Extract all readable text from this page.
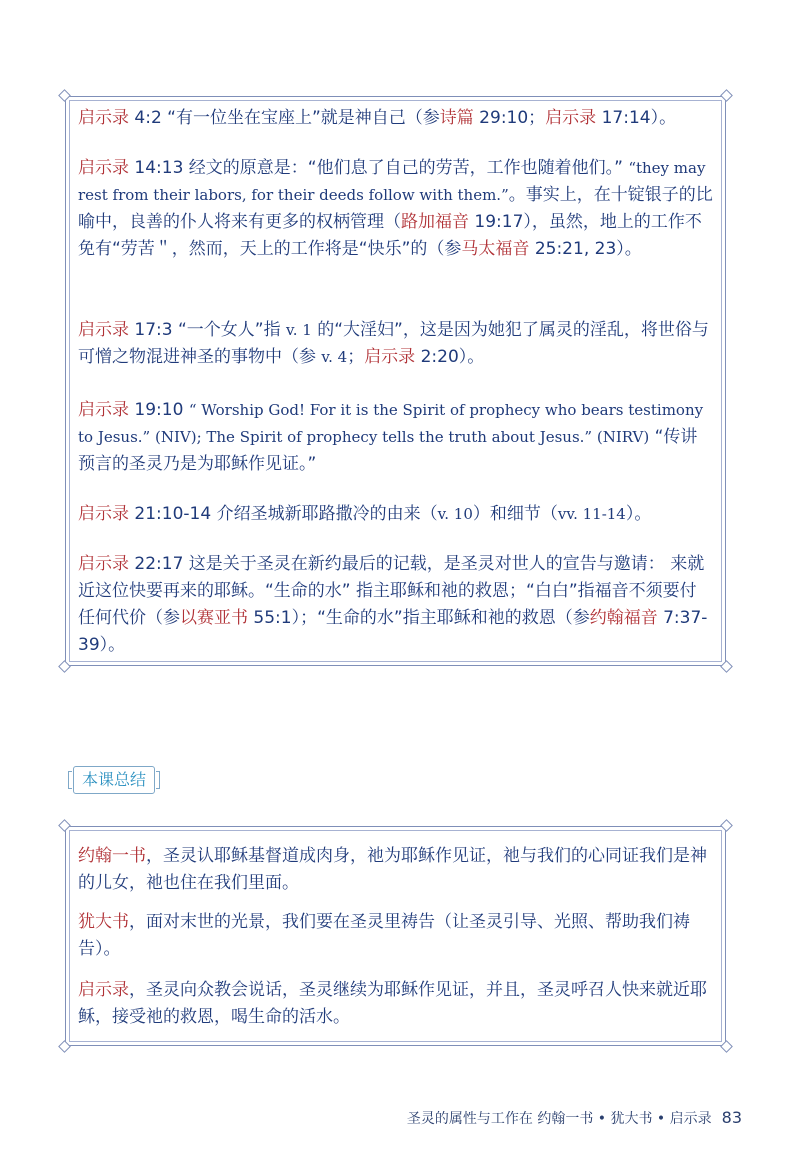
启示录 4:2 “有一位坐在宝座上”就是神自己（参诗篇 29:10；启示录 17:14）。

启示录 14:13 经文的原意是：“他们息了自己的劳苦，工作也随着他们。” “they may rest from their labors, for their deeds follow with them.”。事实上，在十锭银子的比喻中，良善的仆人将来有更多的权柄管理（路加福音 19:17），虽然，地上的工作不免有“劳苦＂，然而，天上的工作将是“快乐”的（参马太福音 25:21, 23）。

启示录 17:3 “一个女人”指 v. 1 的“大淫妇”，这是因为她犯了属灵的淫乱，将世俗与可憎之物混进神圣的事物中（参 v. 4；启示录 2:20）。

启示录 19:10 “ Worship God! For it is the Spirit of prophecy who bears testimony to Jesus.” (NIV); The Spirit of prophecy tells the truth about Jesus.” (NIRV) “传讲预言的圣灵乃是为耶稣作见证。”

启示录 21:10-14 介绍圣城新耶路撒冷的由来（v. 10）和细节（vv. 11-14）。

启示录 22:17 这是关于圣灵在新约最后的记载，是圣灵对世人的宣告与邀请： 来就近这位快要再来的耶稣。“生命的水” 指主耶稣和祂的救恩；“白白”指福音不须要付任何代价（参以赛亚书 55:1）；“生命的水”指主耶稣和祂的救恩（参约翰福音 7:37-39）。

本课总结

约翰一书，圣灵认耶稣基督道成肉身，祂为耶稣作见证，祂与我们的心同证我们是神的儿女，祂也住在我们里面。

犹大书，面对末世的光景，我们要在圣灵里祷告（让圣灵引导、光照、帮助我们祷告）。

启示录，圣灵向众教会说话，圣灵继续为耶稣作见证，并且，圣灵呼召人快来就近耶稣，接受祂的救恩，喝生命的活水。

圣灵的属性与工作在 约翰一书 • 犹大书 • 启示录 83
